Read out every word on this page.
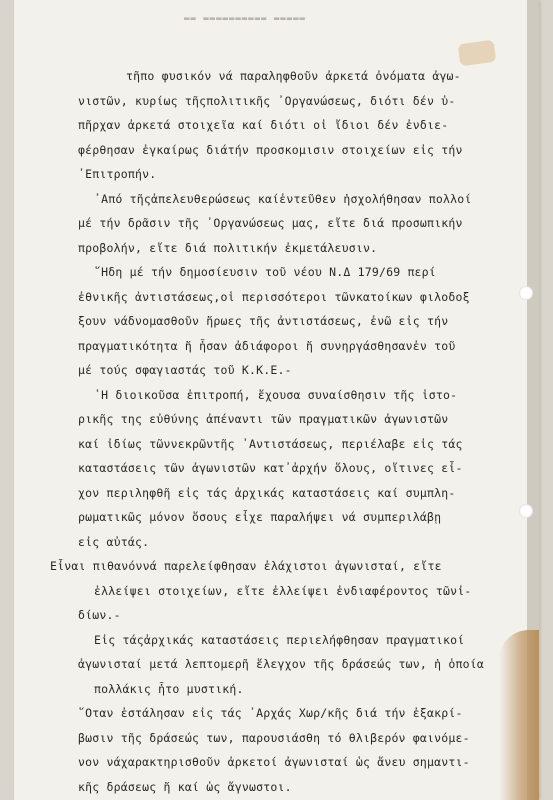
▬▬ ▬▬▬▬▬▬▬▬▬▬ ▬▬▬▬▬
τῆπο φυσικόν νά παραληφθοῦν ἀρκετά ὀνόματα ἀγω-
νιστῶν, κυρίως τῆςπολιτικῆς ᾿Οργανώσεως, διότι δέν ὑ-
πῆρχαν ἀρκετά στοιχεῖα καί διότι οἱ ἴδιοι δέν ἐνδιε-
φέρθησαν ἐγκαίρως διάτήν προσκομισιν στοιχείων εἰς τήν
᾿Επιτροπήν.
᾿Από τῆςἀπελευθερώσεως καίἐντεῦθεν ἠσχολήθησαν πολλοί
μέ τήν δρᾶσιν τῆς ᾿Οργανώσεως μας, εἴτε διά προσωπικήν
προβολήν, εἴτε διά πολιτικήν ἐκμετάλευσιν.
῞Ηδη μέ τήν δημοσίευσιν τοῦ νέου Ν.Δ 179/69 περί
ἐθνικῆς ἀντιστάσεως,οἱ περισσότεροι τῶνκατοίκων φιλοδοξ
ξουν νάδνομασθοῦν ἥρωες τῆς ἀντιστάσεως, ἐνῶ εἰς τήν
πραγματικότητα ἤ ἦσαν ἀδιάφοροι ἤ συνηργάσθησανἐν τοῦ
μέ τούς σφαγιαστάς τοῦ Κ.Κ.Ε.-
῾Η διοικοῦσα ἐπιτροπή, ἔχουσα συναίσθησιν τῆς ἱστο-
ρικῆς της εὐθύνης ἀπέναντι τῶν πραγματικῶν ἀγωνιστῶν
καί ἰδίως τῶννεκρῶντῆς ᾿Αντιστάσεως, περιέλαβε εἰς τάς
καταστάσεις τῶν ἀγωνιστῶν κατ᾿ἀρχήν ὅλους, οἵτινες εἶ-
χον περιληφθῆ εἰς τάς ἀρχικάς καταστάσεις καί συμπλη-
ρωματικῶς μόνον ὅσους εἶχε παραλήψει νά συμπεριλάβῃ
εἰς αὐτάς.
Εἶναι πιθανόννά παρελείφθησαν ἐλάχιστοι ἀγωνισταί, εἴτε
ἐλλείψει στοιχείων, εἴτε ἐλλείψει ἐνδιαφέροντος τῶνἰ-
δίων.-
Εἰς τάςἀρχικάς καταστάσεις περιελήφθησαν πραγματικοί
ἀγωνισταί μετά λεπτομερῆ ἔλεγχον τῆς δράσεώς των, ἡ ὁποία
πολλάκις ἦτο μυστική.
῞Οταν ἐστάλησαν εἰς τάς ᾿Αρχάς Χωρ/κῆς διά τήν ἐξακρί-
βωσιν τῆς δράσεώς των, παρουσιάσθη τό θλιβερόν φαινόμε-
νον νάχαρακτηρισθοῦν ἀρκετοί ἀγωνισταί ὡς ἄνευ σημαντι-
κῆς δράσεως ἤ καί ὡς ἄγνωστοι.
